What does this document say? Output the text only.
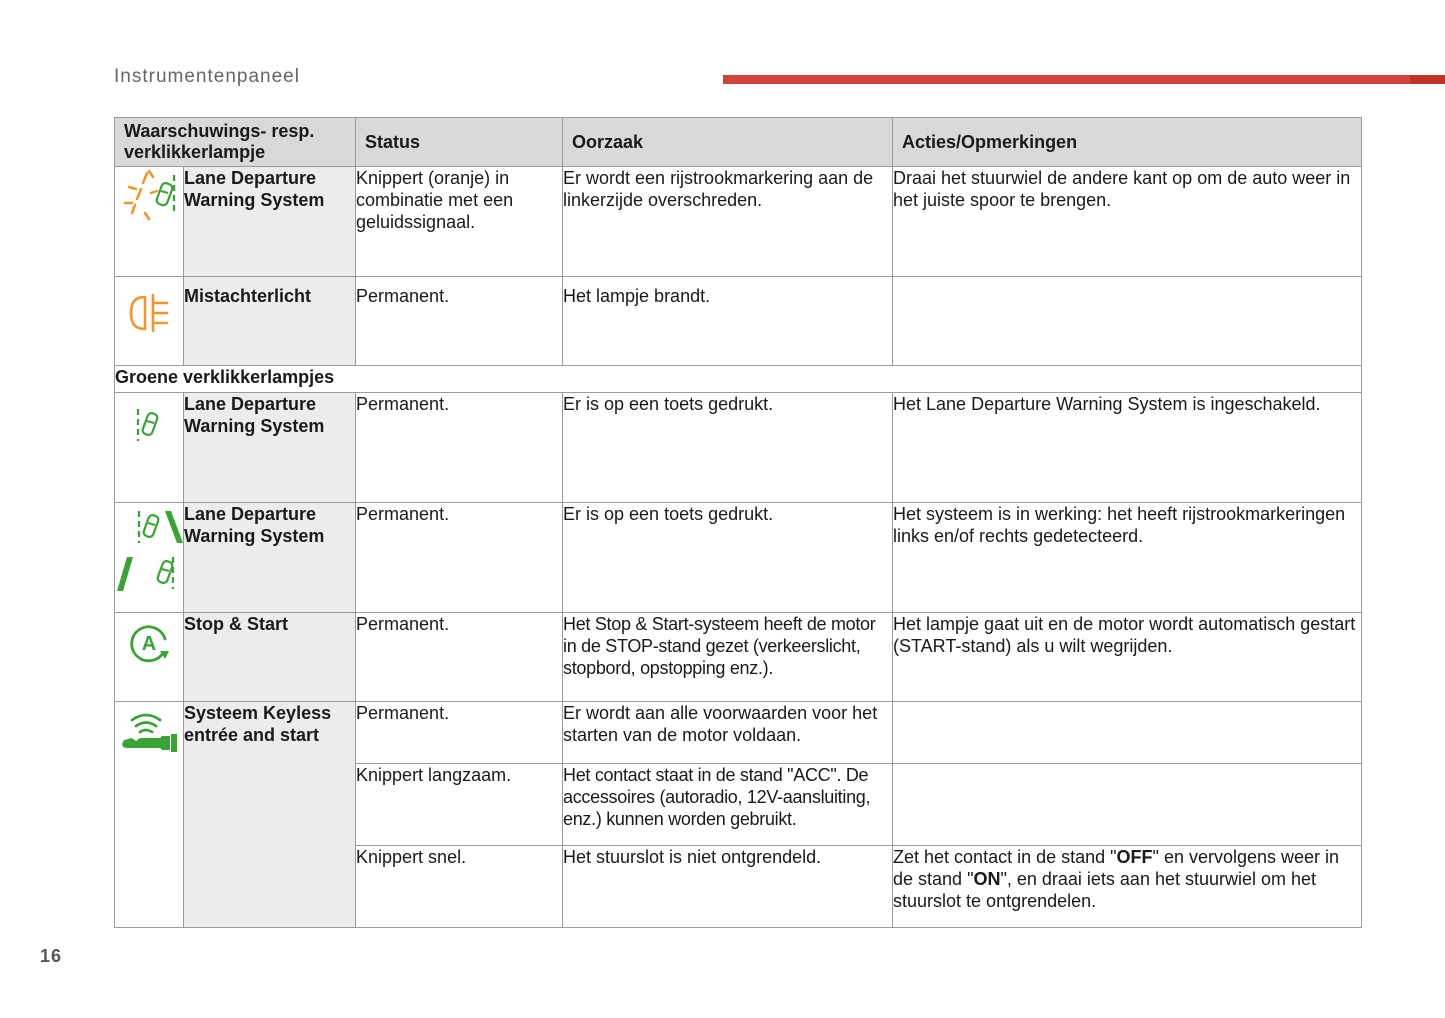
Instrumentenpaneel
Waarschuwings- resp. verklikkerlampje		Status	Oorzaak	Acties/Opmerkingen

	Lane Departure Warning System	Knippert (oranje) in combinatie met een geluidssignaal.	Er wordt een rijstrookmarkering aan de linkerzijde overschreden.	Draai het stuurwiel de andere kant op om de auto weer in het juiste spoor te brengen.
	Mistachterlicht	Permanent.	Het lampje brandt.	
Groene verklikkerlampjes				
	Lane Departure Warning System	Permanent.	Er is op een toets gedrukt.	Het Lane Departure Warning System is ingeschakeld.
	Lane Departure Warning System	Permanent.	Er is op een toets gedrukt.	Het systeem is in werking: het heeft rijstrookmarkeringen links en/of rechts gedetecteerd.

A	Stop & Start	Permanent.	Het Stop & Start-systeem heeft de motor in de STOP-stand gezet (verkeerslicht, stopbord, opstopping enz.).	Het lampje gaat uit en de motor wordt automatisch gestart (START-stand) als u wilt wegrijden.
	Systeem Keyless entrée and start	Permanent.	Er wordt aan alle voorwaarden voor het starten van de motor voldaan.	
		Knippert langzaam.	Het contact staat in de stand "ACC". De accessoires (autoradio, 12V-aansluiting, enz.) kunnen worden gebruikt.	
		Knippert snel.	Het stuurslot is niet ontgrendeld.	Zet het contact in de stand "OFF" en vervolgens weer in de stand "ON", en draai iets aan het stuurwiel om het stuurslot te ontgrendelen.
16
